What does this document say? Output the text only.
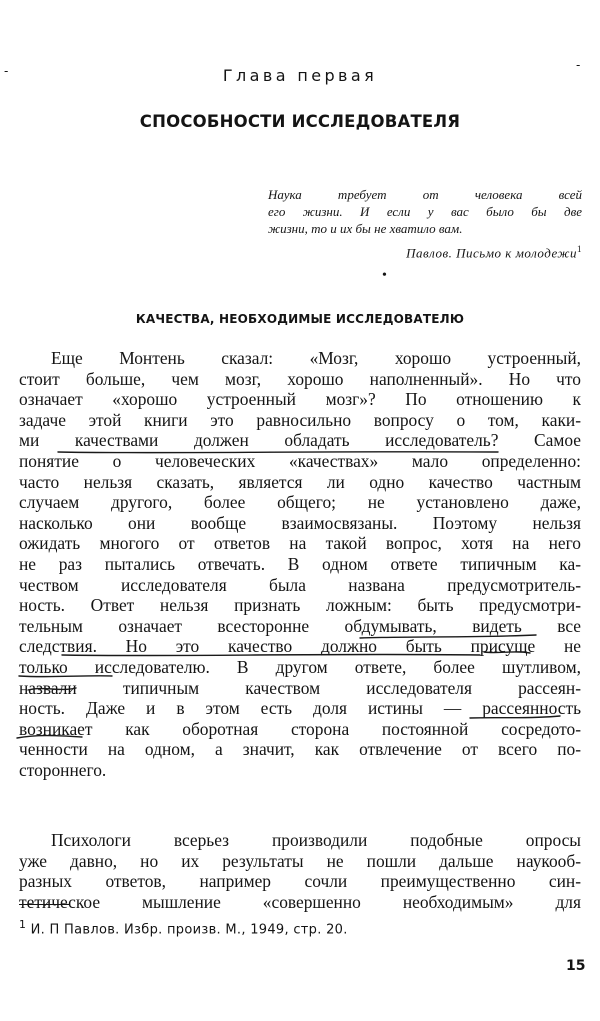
-	-
Глава первая
СПОСОБНОСТИ ИССЛЕДОВАТЕЛЯ
Наука требует от человека всей
его жизни. И если у вас было бы две
жизни, то и их бы не хватило вам.
Павлов. Письмо к молодежи$^1$
•
КАЧЕСТВА, НЕОБХОДИМЫЕ ИССЛЕДОВАТЕЛЮ
Еще Монтень сказал: «Мозг, хорошо устроенный,
стоит больше, чем мозг, хорошо наполненный». Но что
означает «хорошо устроенный мозг»? По отношению к
задаче этой книги это равносильно вопросу о том, каки-
ми качествами должен обладать исследователь? Самое
понятие о человеческих «качествах» мало определенно:
часто нельзя сказать, является ли одно качество частным
случаем другого, более общего; не установлено даже,
насколько они вообще взаимосвязаны. Поэтому нельзя
ожидать многого от ответов на такой вопрос, хотя на него
не раз пытались отвечать. В одном ответе типичным ка-
чеством исследователя была названа предусмотритель-
ность. Ответ нельзя признать ложным: быть предусмотри-
тельным означает всесторонне обдумывать, видеть все
следствия. Но это качество должно быть присуще не
только исследователю. В другом ответе, более шутливом,
назвали типичным качеством исследователя рассеян-
ность. Даже и в этом есть доля истины — рассеянность
возникает как оборотная сторона постоянной сосредото-
ченности на одном, а значит, как отвлечение от всего по-
стороннего.
Психологи всерьез производили подобные опросы
уже давно, но их результаты не пошли дальше наукооб-
разных ответов, например сочли преимущественно син-
тетическое мышление «совершенно необходимым» для
$^1$ И. П Павлов. Избр. произв. М., 1949, стр. 20.
15
